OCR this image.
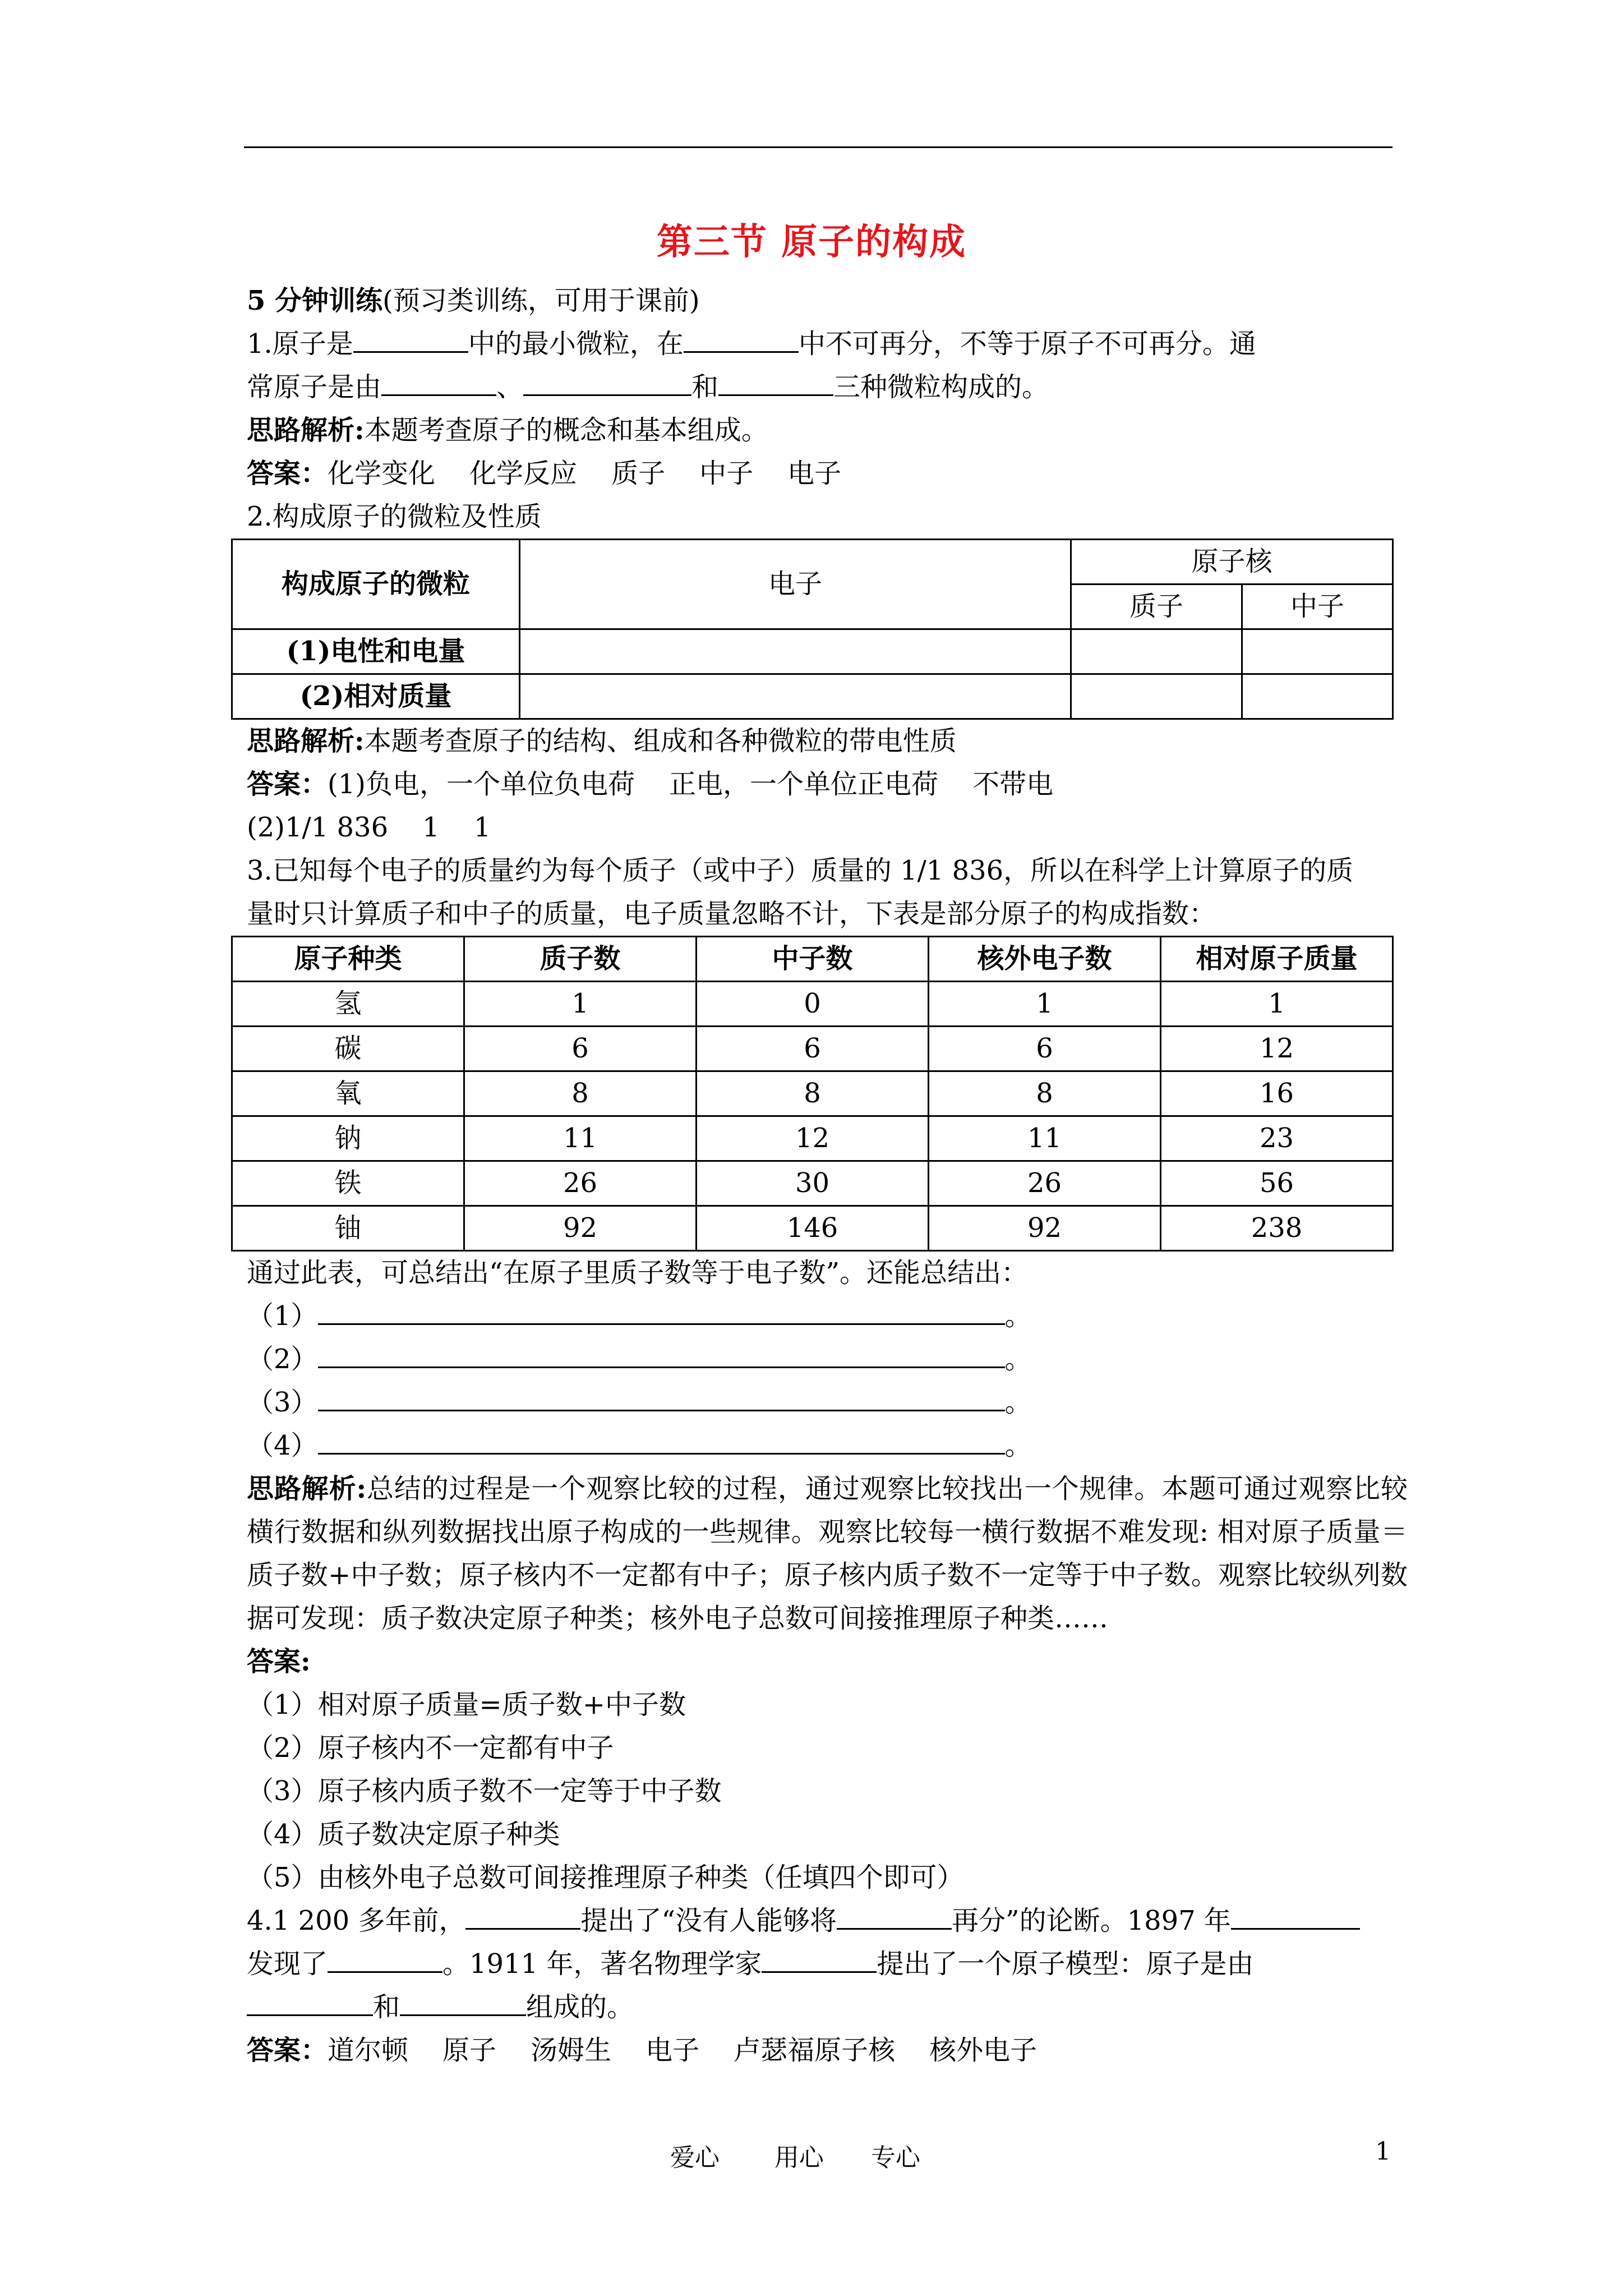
第三节 原子的构成
5 分钟训练(预习类训练，可用于课前)
1.原子是	中的最小微粒，在	中不可再分，不等于原子不可再分。通
常原子是由	、	和	三种微粒构成的。
思路解析:本题考查原子的概念和基本组成。
答案：化学变化    化学反应    质子    中子    电子
2.构成原子的微粒及性质
构成原子的微粒	电子	原子核	
		质子	中子
(1)电性和电量			
(2)相对质量			
思路解析:本题考查原子的结构、组成和各种微粒的带电性质
答案：(1)负电，一个单位负电荷    正电，一个单位正电荷    不带电
(2)1/1 836    1    1
3.已知每个电子的质量约为每个质子（或中子）质量的 1/1 836，所以在科学上计算原子的质
量时只计算质子和中子的质量，电子质量忽略不计，下表是部分原子的构成指数：
原子种类	质子数	中子数	核外电子数	相对原子质量
氢	1	0	1	1
碳	6	6	6	12
氧	8	8	8	16
钠	11	12	11	23
铁	26	30	26	56
铀	92	146	92	238
通过此表，可总结出“在原子里质子数等于电子数”。还能总结出：
（1）	。
（2）	。
（3）	。
（4）	。
思路解析:总结的过程是一个观察比较的过程，通过观察比较找出一个规律。本题可通过观察比较横行数据和纵列数据找出原子构成的一些规律。观察比较每一横行数据不难发现: 相对原子质量＝质子数+中子数；原子核内不一定都有中子；原子核内质子数不一定等于中子数。观察比较纵列数据可发现：质子数决定原子种类；核外电子总数可间接推理原子种类……
答案:
（1）相对原子质量=质子数+中子数
（2）原子核内不一定都有中子
（3）原子核内质子数不一定等于中子数
（4）质子数决定原子种类
（5）由核外电子总数可间接推理原子种类（任填四个即可）
4.1 200 多年前，	提出了“没有人能够将	再分”的论断。1897 年
发现了	。1911 年，著名物理学家	提出了一个原子模型：原子是由
和	组成的。
答案：道尔顿    原子    汤姆生    电子    卢瑟福原子核    核外电子
爱心       用心      专心	1
